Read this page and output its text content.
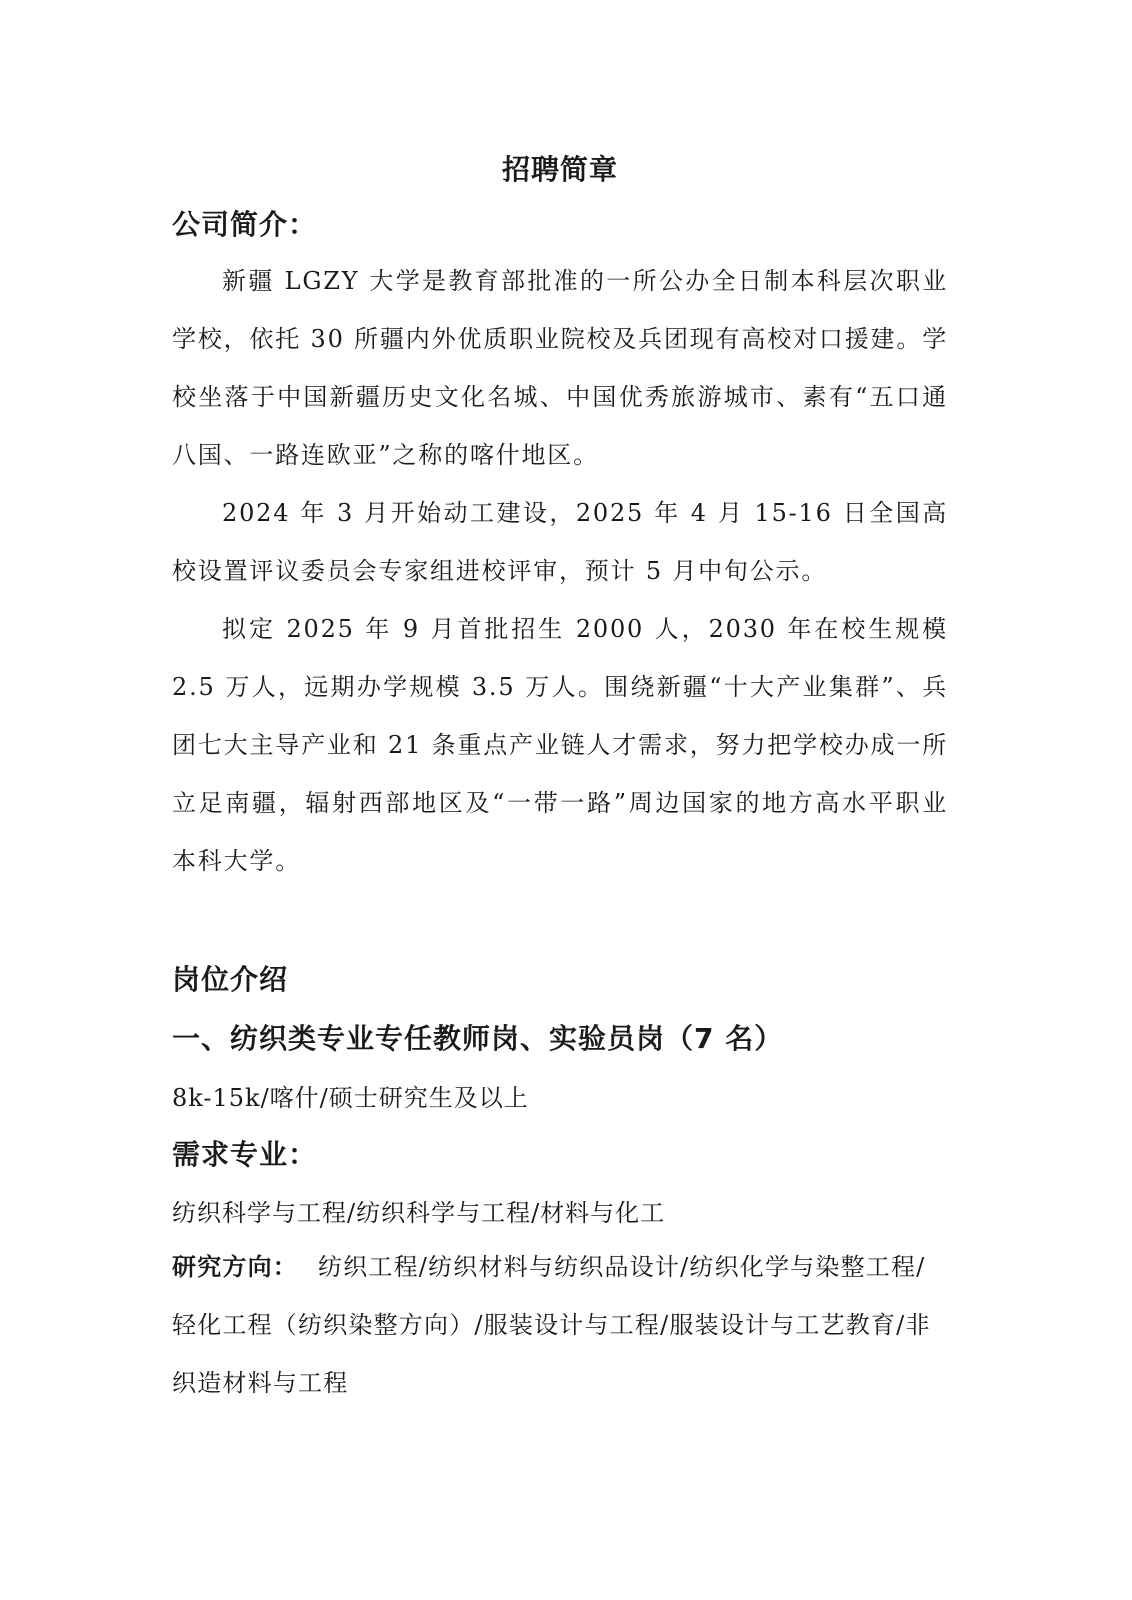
招聘简章
公司简介：

新疆 LGZY 大学是教育部批准的一所公办全日制本科层次职业学校，依托 30 所疆内外优质职业院校及兵团现有高校对口援建。学校坐落于中国新疆历史文化名城、中国优秀旅游城市、素有“五口通八国、一路连欧亚”之称的喀什地区。

2024 年 3 月开始动工建设，2025 年 4 月 15-16 日全国高校设置评议委员会专家组进校评审，预计 5 月中旬公示。

拟定 2025 年 9 月首批招生 2000 人，2030 年在校生规模 2.5 万人，远期办学规模 3.5 万人。围绕新疆“十大产业集群”、兵团七大主导产业和 21 条重点产业链人才需求，努力把学校办成一所立足南疆，辐射西部地区及“一带一路”周边国家的地方高水平职业本科大学。

岗位介绍
一、纺织类专业专任教师岗、实验员岗（7 名）

8k-15k/喀什/硕士研究生及以上

需求专业：

纺织科学与工程/纺织科学与工程/材料与化工

研究方向： 纺织工程/纺织材料与纺织品设计/纺织化学与染整工程/轻化工程（纺织染整方向）/服装设计与工程/服装设计与工艺教育/非织造材料与工程
